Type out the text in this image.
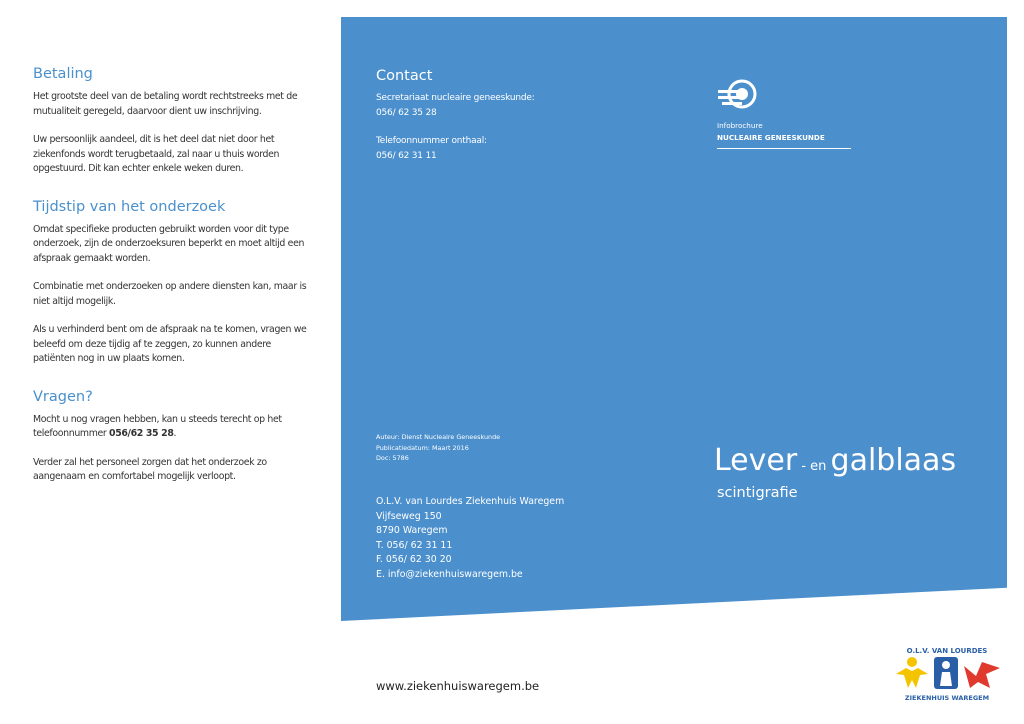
Betaling

Het grootste deel van de betaling wordt rechtstreeks met de mutualiteit geregeld, daarvoor dient uw inschrijving.

Uw persoonlijk aandeel, dit is het deel dat niet door het ziekenfonds wordt terugbetaald, zal naar u thuis worden opgestuurd. Dit kan echter enkele weken duren.

Tijdstip van het onderzoek

Omdat specifieke producten gebruikt worden voor dit type onderzoek, zijn de onderzoeksuren beperkt en moet altijd een afspraak gemaakt worden.

Combinatie met onderzoeken op andere diensten kan, maar is niet altijd mogelijk.

Als u verhinderd bent om de afspraak na te komen, vragen we beleefd om deze tijdig af te zeggen, zo kunnen andere patiënten nog in uw plaats komen.

Vragen?

Mocht u nog vragen hebben, kan u steeds terecht op het telefoonnummer 056/62 35 28.

Verder zal het personeel zorgen dat het onderzoek zo aangenaam en comfortabel mogelijk verloopt.

Contact
Secretariaat nucleaire geneeskunde:
056/ 62 35 28
Telefoonnummer onthaal:
056/ 62 31 11
Infobrochure
NUCLEAIRE GENEESKUNDE
Auteur: Dienst Nucleaire Geneeskunde
Publicatiedatum: Maart 2016
Doc: 5786
O.L.V. van Lourdes Ziekenhuis Waregem
Vijfseweg 150
8790 Waregem
T. 056/ 62 31 11
F. 056/ 62 30 20
E. info@ziekenhuiswaregem.be
Lever - en galblaas
scintigrafie
www.ziekenhuiswaregem.be
O.L.V. VAN LOURDES
ZIEKENHUIS WAREGEM
